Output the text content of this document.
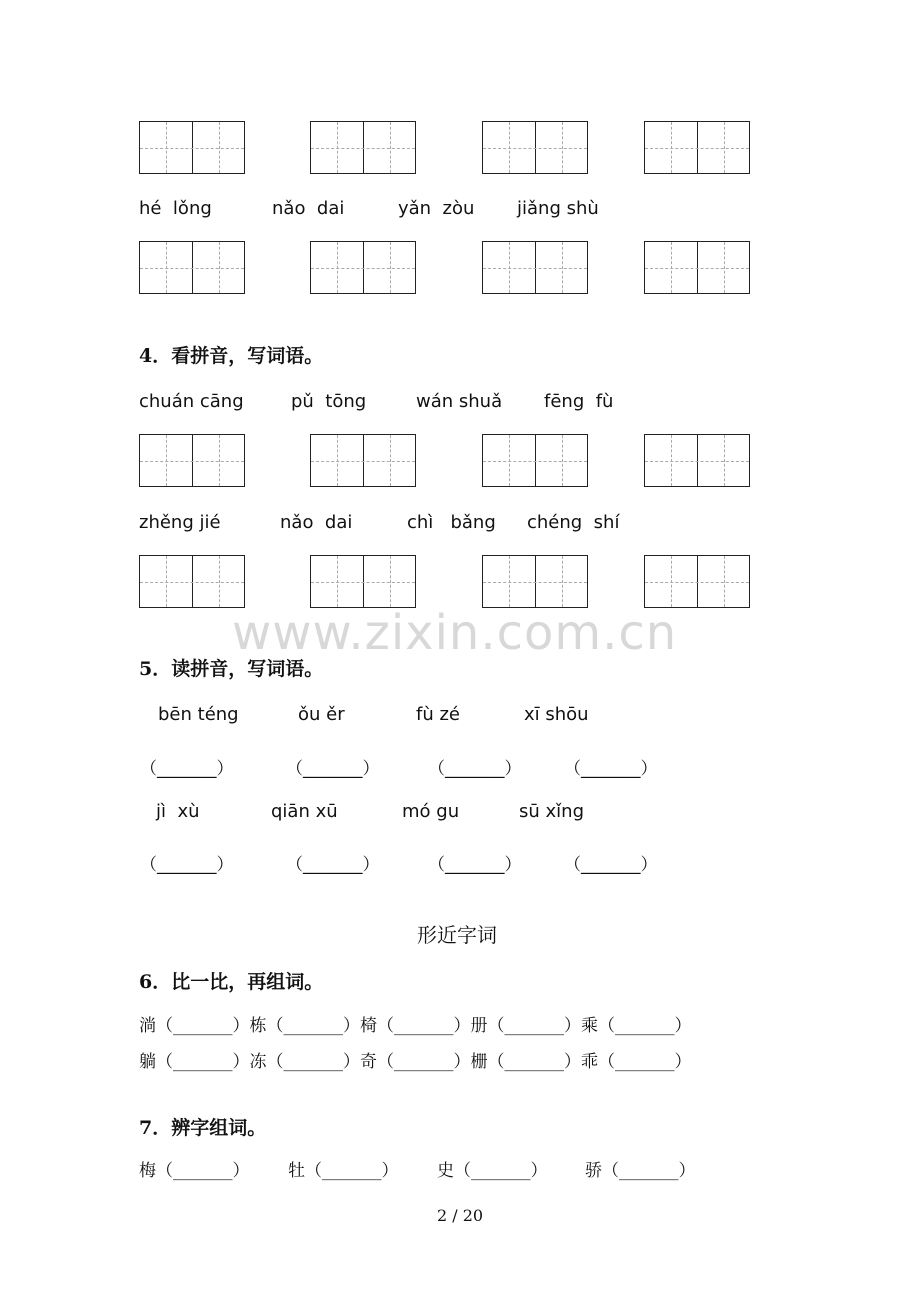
hé  lǒng	nǎo  dai	yǎn  zòu jiǎng shù
4．看拼音，写词语。
chuán cāng	pǔ  tōng	wán shuǎ fēng  fù
zhěng jié	nǎo  dai	chì   bǎng chéng  shí
www.zixin.com.cn
5．读拼音，写词语。
bēn téng	ǒu ěr	fù zé	xī shōu
（_______）	（_______）	（_______）	（_______）
jì  xù	qiān xū	mó gu	sū xǐng
（_______）	（_______）	（_______）	（_______）
形近字词
6．比一比，再组词。
淌（_______）栋（_______）椅（_______）册（_______）乘（_______）
躺（_______）冻（_______）奇（_______）栅（_______）乖（_______）
7．辨字组词。
梅（_______） 牡（_______） 史（_______） 骄（_______）
2 / 20
